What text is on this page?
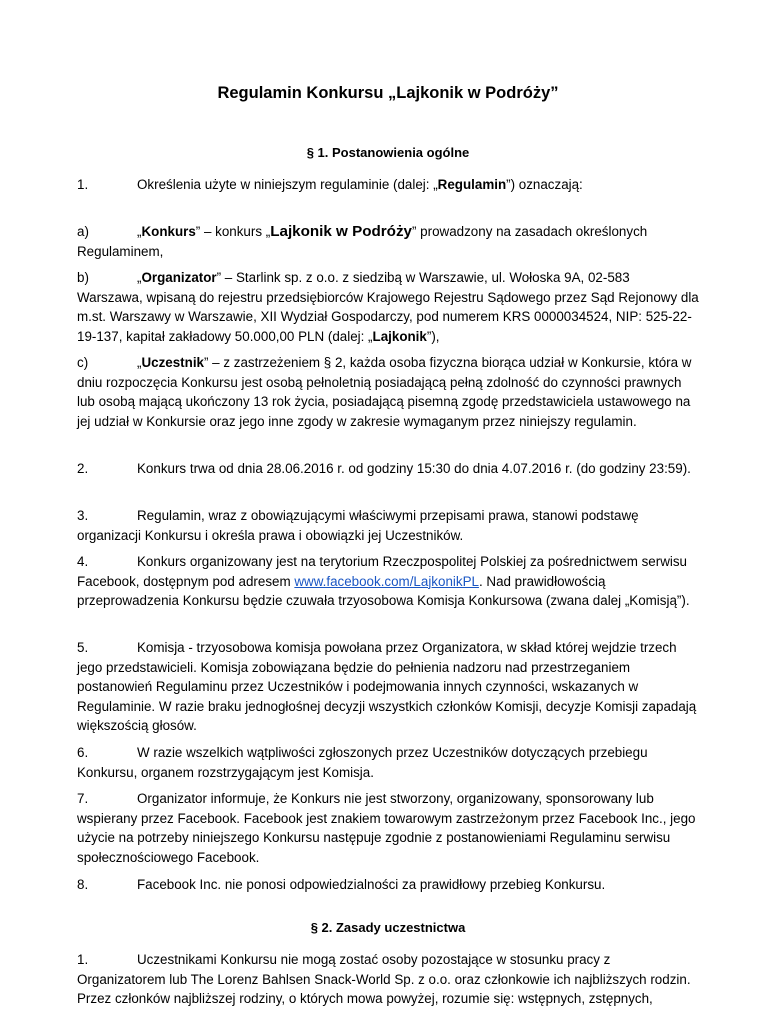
Regulamin Konkursu „Lajkonik w Podróży”
§ 1. Postanowienia ogólne
1.	Określenia użyte w niniejszym regulaminie (dalej: „Regulamin”) oznaczają:
a)	„Konkurs” – konkurs „Lajkonik w Podróży” prowadzony na zasadach określonych Regulaminem,
b)	„Organizator” – Starlink sp. z o.o. z siedzibą w Warszawie, ul. Wołoska 9A, 02-583 Warszawa, wpisaną do rejestru przedsiębiorców Krajowego Rejestru Sądowego przez Sąd Rejonowy dla m.st. Warszawy w Warszawie, XII Wydział Gospodarczy, pod numerem KRS 0000034524, NIP: 525-22-19-137, kapitał zakładowy 50.000,00 PLN (dalej: „Lajkonik”),
c)	„Uczestnik” – z zastrzeżeniem § 2, każda osoba fizyczna biorąca udział w Konkursie, która w dniu rozpoczęcia Konkursu jest osobą pełnoletnią posiadającą pełną zdolność do czynności prawnych lub osobą mającą ukończony 13 rok życia, posiadającą pisemną zgodę przedstawiciela ustawowego na jej udział w Konkursie oraz jego inne zgody w zakresie wymaganym przez niniejszy regulamin.
2.	Konkurs trwa od dnia 28.06.2016 r. od godziny 15:30 do dnia 4.07.2016 r. (do godziny 23:59).
3.	Regulamin, wraz z obowiązującymi właściwymi przepisami prawa, stanowi podstawę organizacji Konkursu i określa prawa i obowiązki jej Uczestników.
4.	Konkurs organizowany jest na terytorium Rzeczpospolitej Polskiej za pośrednictwem serwisu Facebook, dostępnym pod adresem www.facebook.com/LajkonikPL. Nad prawidłowością przeprowadzenia Konkursu będzie czuwała trzyosobowa Komisja Konkursowa (zwana dalej „Komisją”).
5.	Komisja - trzyosobowa komisja powołana przez Organizatora, w skład której wejdzie trzech jego przedstawicieli. Komisja zobowiązana będzie do pełnienia nadzoru nad przestrzeganiem postanowień Regulaminu przez Uczestników i podejmowania innych czynności, wskazanych w Regulaminie. W razie braku jednogłośnej decyzji wszystkich członków Komisji, decyzje Komisji zapadają większością głosów.
6.	W razie wszelkich wątpliwości zgłoszonych przez Uczestników dotyczących przebiegu Konkursu, organem rozstrzygającym jest Komisja.
7.	Organizator informuje, że Konkurs nie jest stworzony, organizowany, sponsorowany lub wspierany przez Facebook. Facebook jest znakiem towarowym zastrzeżonym przez Facebook Inc., jego użycie na potrzeby niniejszego Konkursu następuje zgodnie z postanowieniami Regulaminu serwisu społecznościowego Facebook.
8.	Facebook Inc. nie ponosi odpowiedzialności za prawidłowy przebieg Konkursu.
§ 2. Zasady uczestnictwa
1.	Uczestnikami Konkursu nie mogą zostać osoby pozostające w stosunku pracy z Organizatorem lub The Lorenz Bahlsen Snack-World Sp. z o.o. oraz członkowie ich najbliższych rodzin. Przez członków najbliższej rodziny, o których mowa powyżej, rozumie się: wstępnych, zstępnych,
